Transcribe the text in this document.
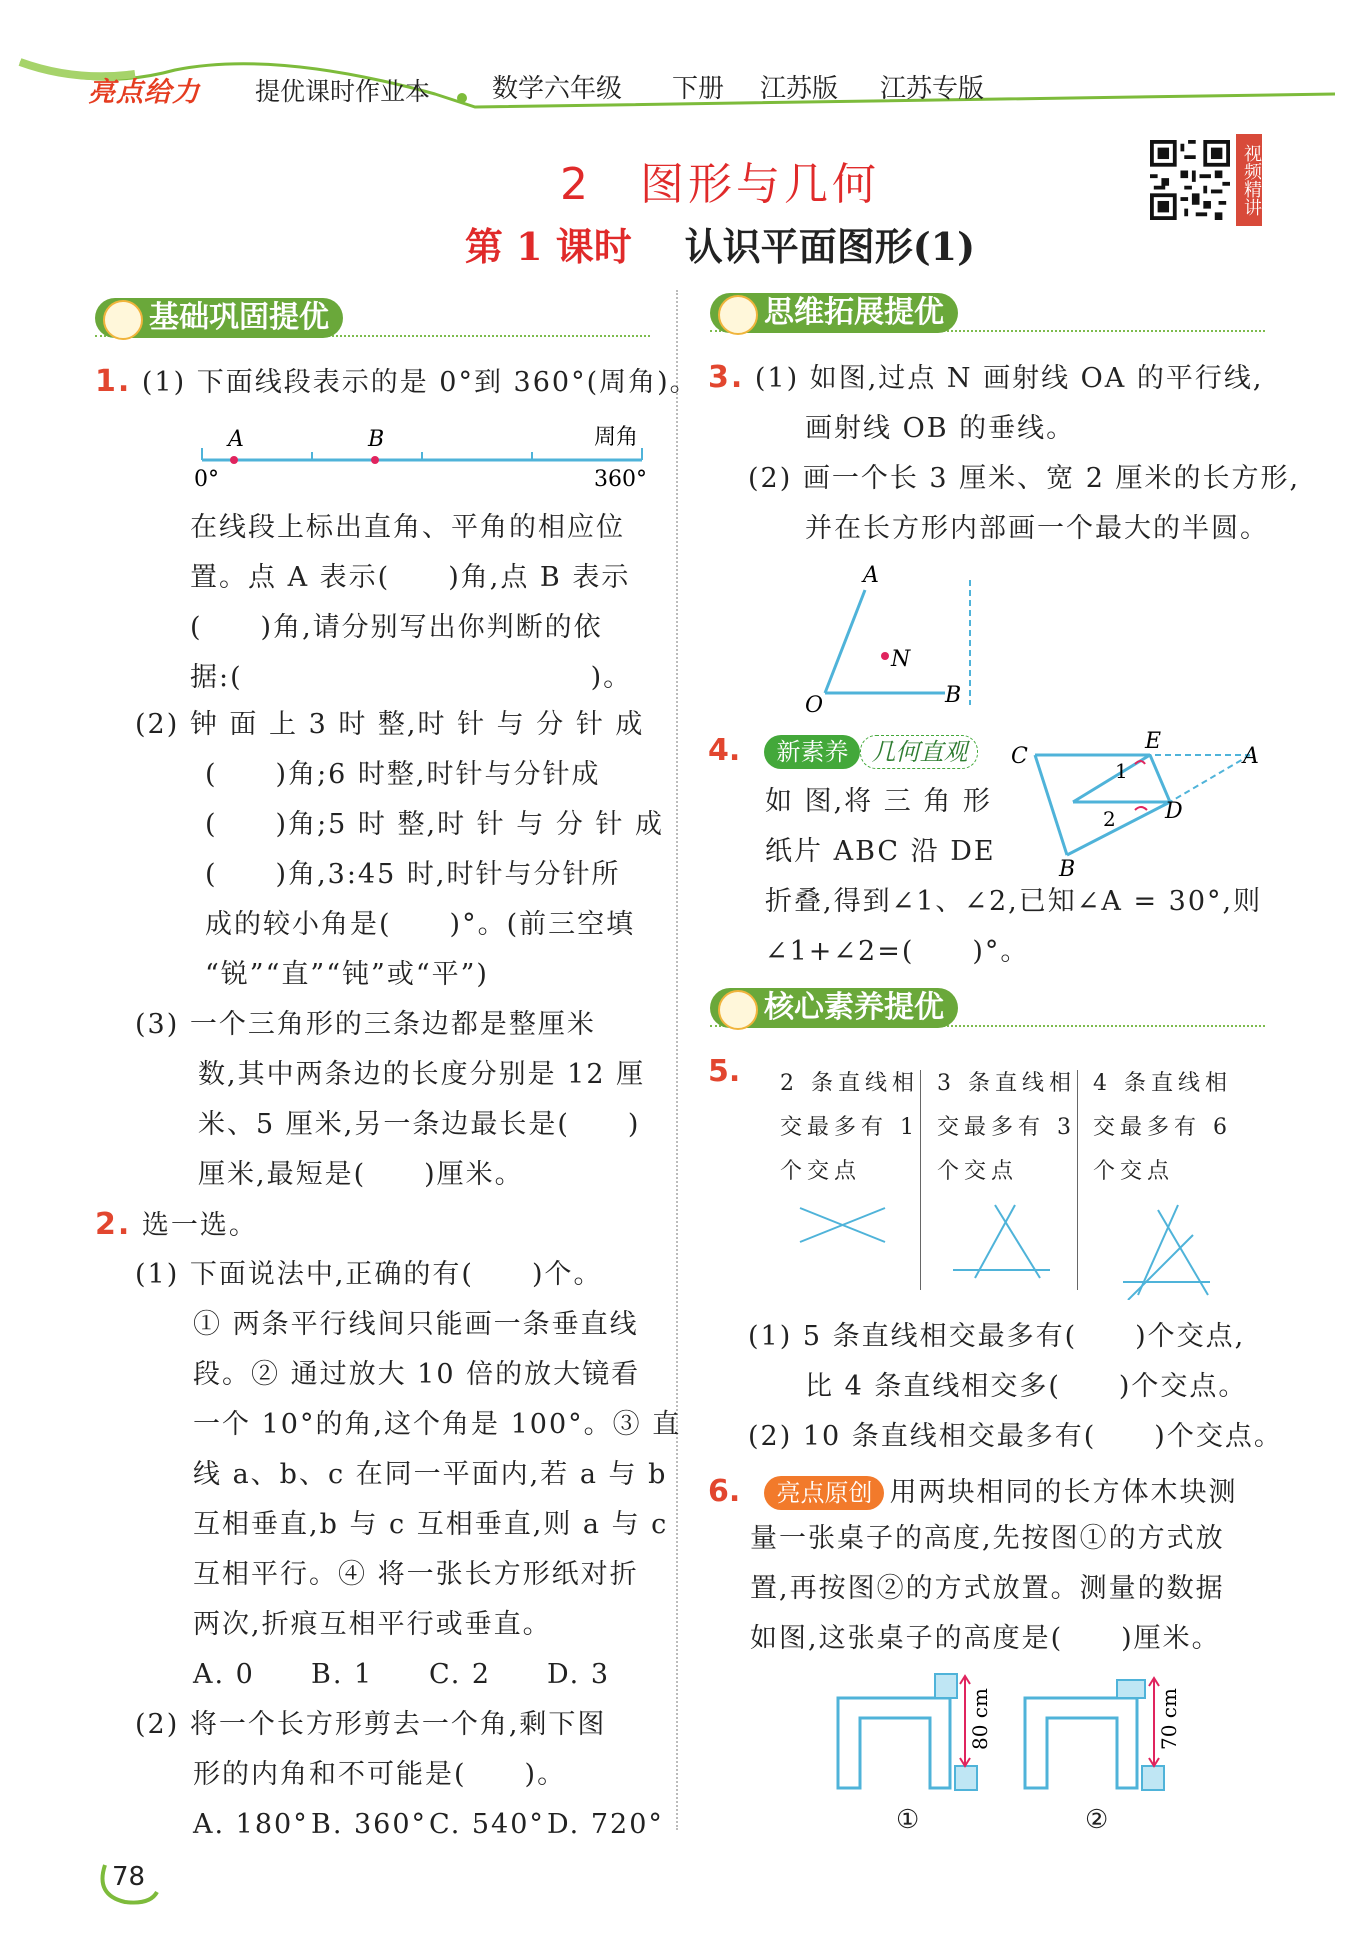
亮点给力 提优课时作业本 数学六年级 下册 江苏版 江苏专版
视频精讲
2　图形与几何
第 1 课时 认识平面图形(1)
基础巩固提优
1. (1) 下面线段表示的是 0°到 360°(周角)。
A	B	周角
0°	360°
在线段上标出直角、平角的相应位
置。点 A 表示(　　)角,点 B 表示
(　　)角,请分别写出你判断的依
据:(　　　　　　　　　　　　)。
(2) 钟 面 上 3 时 整,时 针 与 分 针 成
(　　)角;6 时整,时针与分针成
(　　)角;5 时 整,时 针 与 分 针 成
(　　)角,3:45 时,时针与分针所
成的较小角是(　　)°。(前三空填
“锐”“直”“钝”或“平”)
(3) 一个三角形的三条边都是整厘米
数,其中两条边的长度分别是 12 厘
米、5 厘米,另一条边最长是(　　)
厘米,最短是(　　)厘米。
2. 选一选。
(1) 下面说法中,正确的有(　　)个。
① 两条平行线间只能画一条垂直线
段。② 通过放大 10 倍的放大镜看
一个 10°的角,这个角是 100°。③ 直
线 a、b、c 在同一平面内,若 a 与 b
互相垂直,b 与 c 互相垂直,则 a 与 c
互相平行。④ 将一张长方形纸对折
两次,折痕互相平行或垂直。
A. 0 B. 1 C. 2 D. 3
(2) 将一个长方形剪去一个角,剩下图
形的内角和不可能是(　　)。
A. 180°B. 360°C. 540°D. 720°
78
思维拓展提优
3. (1) 如图,过点 N 画射线 OA 的平行线,
画射线 OB 的垂线。
(2) 画一个长 3 厘米、宽 2 厘米的长方形,
并在长方形内部画一个最大的半圆。
A
N
O	B
4. 新素养 几何直观
如 图,将 三 角 形
纸片 ABC 沿 DE
折叠,得到∠1、∠2,已知∠A = 30°,则
∠1+∠2=(　　)°。
C
E
A
1
2 D
B
核心素养提优
5. 2 条直线相
交最多有 1
个交点
3 条直线相
交最多有 3
个交点
4 条直线相
交最多有 6
个交点
(1) 5 条直线相交最多有(　　)个交点,
比 4 条直线相交多(　　)个交点。
(2) 10 条直线相交最多有(　　)个交点。
6. 亮点原创 用两块相同的长方体木块测
量一张桌子的高度,先按图①的方式放
置,再按图②的方式放置。测量的数据
如图,这张桌子的高度是(　　)厘米。
80 cm	70 cm
①	②
